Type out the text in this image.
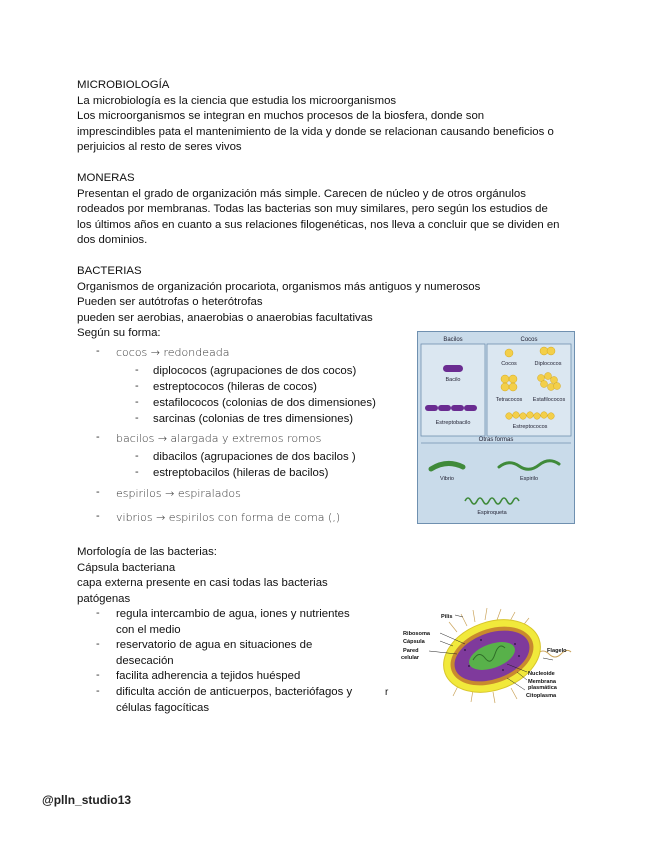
MICROBIOLOGÍA

La microbiología es la ciencia que estudia los microorganismos

Los microorganismos se integran en muchos procesos de la biosfera, donde son

imprescindibles pata el mantenimiento de la vida y donde se relacionan causando beneficios o

perjuicios al resto de seres vivos

MONERAS

Presentan el grado de organización más simple. Carecen de núcleo y de otros orgánulos

rodeados por membranas. Todas las bacterias son muy similares, pero según los estudios de

los últimos años en cuanto a sus relaciones filogenéticas, nos lleva a concluir que se dividen en

dos dominios.

BACTERIAS

Organismos de organización procariota, organismos más antiguos y numerosos

Pueden ser autótrofas o heterótrofas

pueden ser aerobias, anaerobias o anaerobias facultativas

Según su forma:

- cocos → redondeada
- diplococos (agrupaciones de dos cocos)
- estreptococos (hileras de cocos)
- estafilococos (colonias de dos dimensiones)
- sarcinas (colonias de tres dimensiones)
- bacilos → alargada y extremos romos
- dibacilos (agrupaciones de dos bacilos )
- estreptobacilos (hileras de bacilos)
- espirilos → espiralados
- vibrios → espirilos con forma de coma (,)
Bacilos
Bacilo
Estreptobacilo
Cocos
Cocos	Diplococos
Tetracocos Estafilococos
Estreptococos
Otras formas
Vibrio	Espirilo
Espiroqueta

Morfología de las bacterias:

Cápsula bacteriana

capa externa presente en casi todas las bacterias

patógenas

- regula intercambio de agua, iones y nutrientes
con el medio
- reservatorio de agua en situaciones de
desecación
- facilita adherencia a tejidos huésped
- dificulta acción de anticuerpos, bacteriófagos y
células fagocíticas
r
Pilis
Ribosoma
Cápsula
Pared
celular
Flagelo
Nucleoide
Membrana
plasmática
Citoplasma
@plln_studio13
